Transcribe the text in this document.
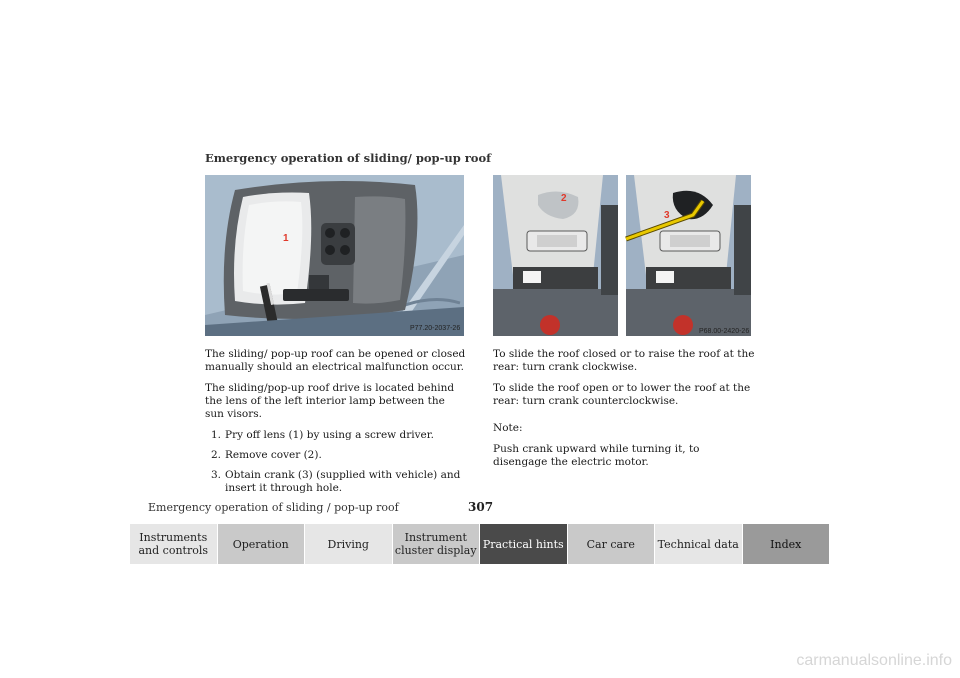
Emergency operation of sliding/ pop-up roof
P77.20-2037-26
1
P68.00-2420-26
2
3

The sliding/ pop-up roof can be opened or closed manually should an electrical malfunction occur.

The sliding/pop-up roof drive is located behind the lens of the left interior lamp between the sun visors.

1. Pry off lens (1) by using a screw driver.
2. Remove cover (2).
3. Obtain crank (3) (supplied with vehicle) and insert it through hole.

To slide the roof closed or to raise the roof at the rear: turn crank clockwise.

To slide the roof open or to lower the roof at the rear: turn crank counterclockwise.

Note:

Push crank upward while turning it, to disengage the electric motor.

Emergency operation of sliding / pop-up roof	307
Instruments and controls	Operation	Driving	Instrument cluster display Practical hints	Car care	Technical data	Index
carmanualsonline.info
